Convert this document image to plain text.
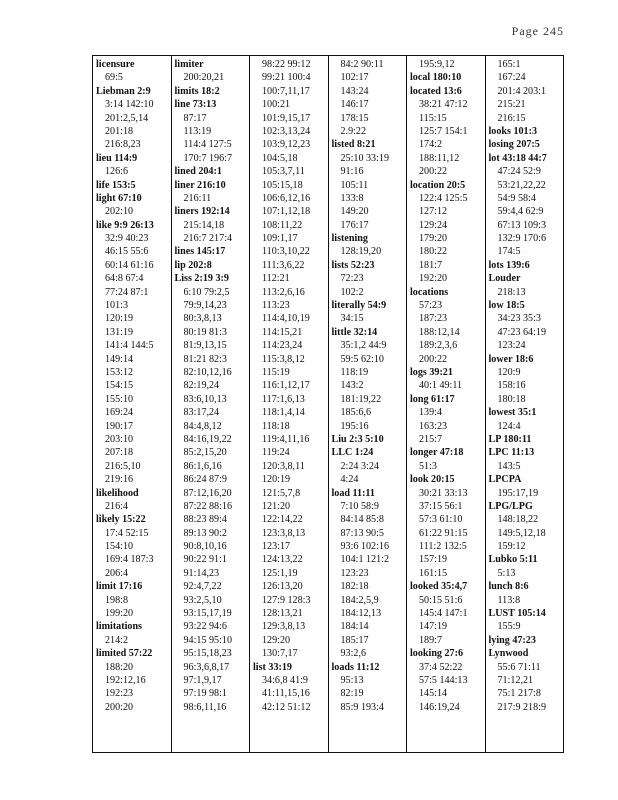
Page 245
licensure
69:5
Liebman 2:9
3:14 142:10
201:2,5,14
201:18
216:8,23
lieu 114:9
126:6
life 153:5
light 67:10
202:10
like 9:9 26:13
32:9 40:23
46:15 55:6
60:14 61:16
64:8 67:4
77:24 87:1
101:3
120:19
131:19
141:4 144:5
149:14
153:12
154:15
155:10
169:24
190:17
203:10
207:18
216:5,10
219:16
likelihood
216:4
likely 15:22
17:4 52:15
154:10
169:4 187:3
206:4
limit 17:16
198:8
199:20
limitations
214:2
limited 57:22
188:20
192:12,16
192:23
200:20
limiter
200:20,21
limits 18:2
line 73:13
87:17
113:19
114:4 127:5
170:7 196:7
lined 204:1
liner 216:10
216:11
liners 192:14
215:14,18
216:7 217:4
lines 145:17
lip 202:8
Liss 2:19 3:9
6:10 79:2,5
79:9,14,23
80:3,8,13
80:19 81:3
81:9,13,15
81:21 82:3
82:10,12,16
82:19,24
83:6,10,13
83:17,24
84:4,8,12
84:16,19,22
85:2,15,20
86:1,6,16
86:24 87:9
87:12,16,20
87:22 88:16
88:23 89:4
89:13 90:2
90:8,10,16
90:22 91:1
91:14,23
92:4,7,22
93:2,5,10
93:15,17,19
93:22 94:6
94:15 95:10
95:15,18,23
96:3,6,8,17
97:1,9,17
97:19 98:1
98:6,11,16
98:22 99:12
99:21 100:4
100:7,11,17
100:21
101:9,15,17
102:3,13,24
103:9,12,23
104:5,18
105:3,7,11
105:15,18
106:6,12,16
107:1,12,18
108:11,22
109:1,17
110:3,10,22
111:3,6,22
112:21
113:2,6,16
113:23
114:4,10,19
114:15,21
114:23,24
115:3,8,12
115:19
116:1,12,17
117:1,6,13
118:1,4,14
118:18
119:4,11,16
119:24
120:3,8,11
120:19
121:5,7,8
121:20
122:14,22
123:3,8,13
123:17
124:13,22
125:1,19
126:13,20
127:9 128:3
128:13,21
129:3,8,13
129:20
130:7,17
list 33:19
34:6,8 41:9
41:11,15,16
42:12 51:12
84:2 90:11
102:17
143:24
146:17
178:15
2.9:22
listed 8:21
25:10 33:19
91:16
105:11
133:8
149:20
176:17
listening
128:19,20
lists 52:23
72:23
102:2
literally 54:9
34:15
little 32:14
35:1,2 44:9
59:5 62:10
118:19
143:2
181:19,22
185:6,6
195:16
Liu 2:3 5:10
LLC 1:24
2:24 3:24
4:24
load 11:11
7:10 58:9
84:14 85:8
87:13 90:5
93:6 102:16
104:1 121:2
123:23
182:18
184:2,5,9
184:12,13
184:14
185:17
93:2,6
loads 11:12
95:13
82:19
85:9 193:4
195:9,12
local 180:10
located 13:6
38:21 47:12
115:15
125:7 154:1
174:2
188:11,12
200:22
location 20:5
122:4 125:5
127:12
129:24
179:20
180:22
181:7
192:20
locations
57:23
187:23
188:12,14
189:2,3,6
200:22
logs 39:21
40:1 49:11
long 61:17
139:4
163:23
215:7
longer 47:18
51:3
look 20:15
30:21 33:13
37:15 56:1
57:3 61:10
61:22 91:15
111:2 132:5
157:19
161:15
looked 35:4,7
50:15 51:6
145:4 147:1
147:19
189:7
looking 27:6
37:4 52:22
57:5 144:13
145:14
146:19,24
165:1
167:24
201:4 203:1
215:21
216:15
looks 101:3
losing 207:5
lot 43:18 44:7
47:24 52:9
53:21,22,22
54:9 58:4
59:4,4 62:9
67:13 109:3
132:9 170:6
174:5
lots 139:6
Louder
218:13
low 18:5
34:23 35:3
47:23 64:19
123:24
lower 18:6
120:9
158:16
180:18
lowest 35:1
124:4
LP 180:11
LPC 11:13
143:5
LPCPA
195:17,19
LPG/LPG
148:18,22
149:5,12,18
159:12
Lubko 5:11
5:13
lunch 8:6
113:8
LUST 105:14
155:9
lying 47:23
Lynwood
55:6 71:11
71:12,21
75:1 217:8
217:9 218:9
